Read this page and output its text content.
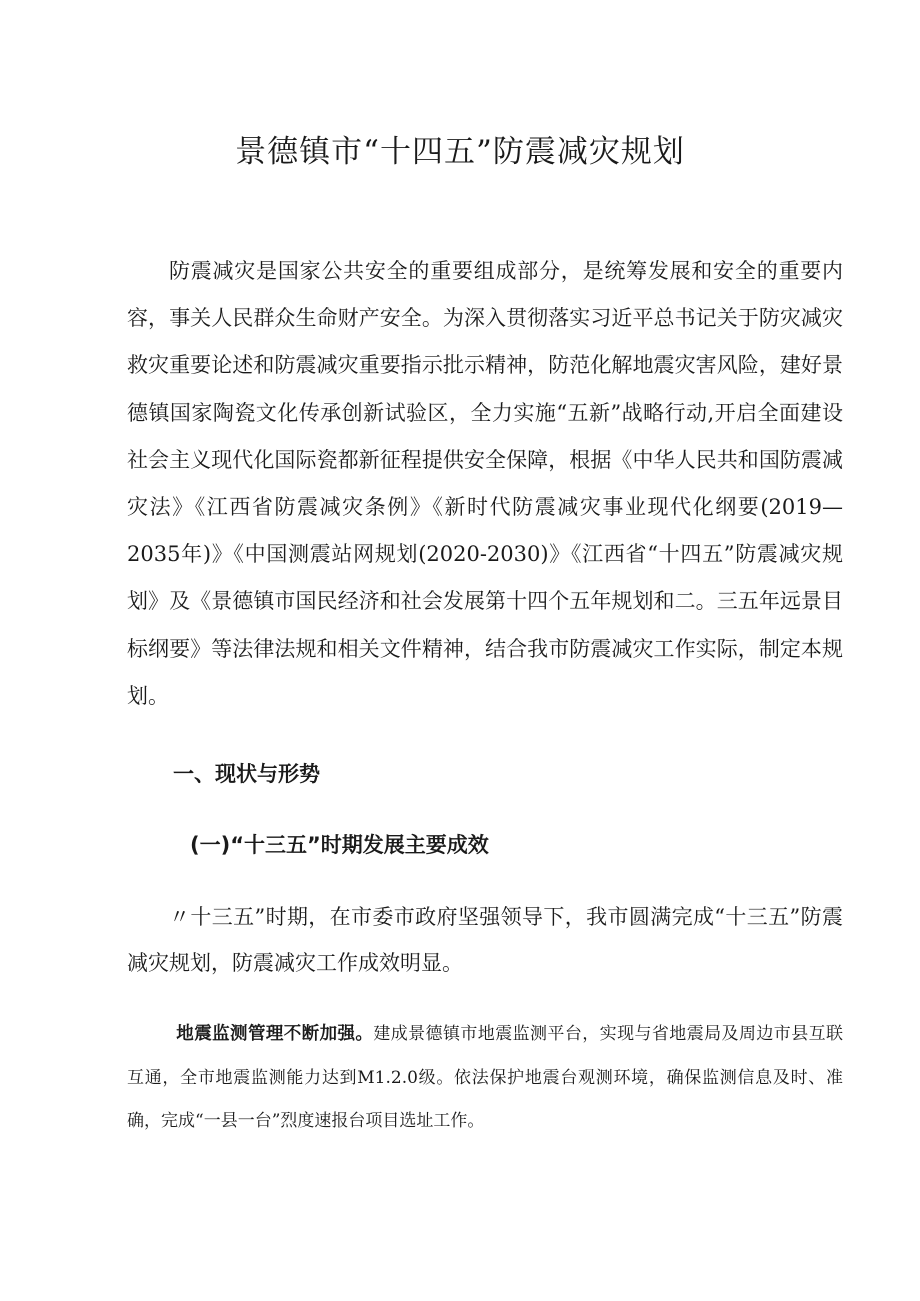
景德镇市“十四五”防震减灾规划

防震减灾是国家公共安全的重要组成部分，是统筹发展和安全的重要内容，事关人民群众生命财产安全。为深入贯彻落实习近平总书记关于防灾减灾救灾重要论述和防震减灾重要指示批示精神，防范化解地震灾害风险，建好景德镇国家陶瓷文化传承创新试验区，全力实施“五新”战略行动,开启全面建设社会主义现代化国际瓷都新征程提供安全保障，根据《中华人民共和国防震减灾法》《江西省防震减灾条例》《新时代防震减灾事业现代化纲要(2019—2035年)》《中国测震站网规划(2020-2030)》《江西省“十四五”防震减灾规划》及《景德镇市国民经济和社会发展第十四个五年规划和二。三五年远景目标纲要》等法律法规和相关文件精神，结合我市防震减灾工作实际，制定本规划。

一、现状与形势
(一)“十三五”时期发展主要成效

〃十三五”时期，在市委市政府坚强领导下，我市圆满完成“十三五”防震减灾规划，防震减灾工作成效明显。

地震监测管理不断加强。建成景德镇市地震监测平台，实现与省地震局及周边市县互联互通，全市地震监测能力达到M1.2.0级。依法保护地震台观测环境，确保监测信息及时、准确，完成“一县一台”烈度速报台项目选址工作。
